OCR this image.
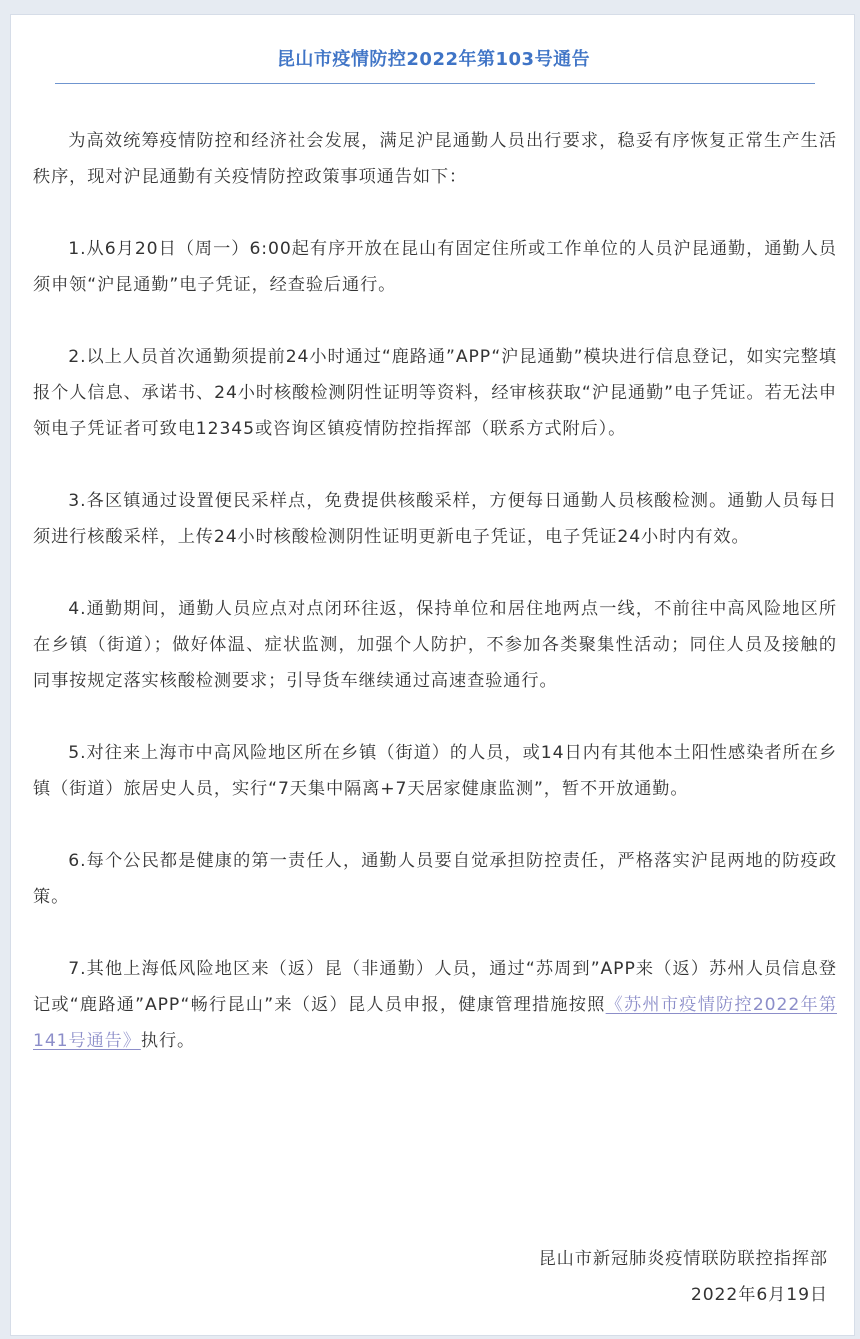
昆山市疫情防控2022年第103号通告

为高效统筹疫情防控和经济社会发展，满足沪昆通勤人员出行要求，稳妥有序恢复正常生产生活秩序，现对沪昆通勤有关疫情防控政策事项通告如下：

1.从6月20日（周一）6:00起有序开放在昆山有固定住所或工作单位的人员沪昆通勤，通勤人员须申领“沪昆通勤”电子凭证，经查验后通行。

2.以上人员首次通勤须提前24小时通过“鹿路通”APP“沪昆通勤”模块进行信息登记，如实完整填报个人信息、承诺书、24小时核酸检测阴性证明等资料，经审核获取“沪昆通勤”电子凭证。若无法申领电子凭证者可致电12345或咨询区镇疫情防控指挥部（联系方式附后）。

3.各区镇通过设置便民采样点，免费提供核酸采样，方便每日通勤人员核酸检测。通勤人员每日须进行核酸采样，上传24小时核酸检测阴性证明更新电子凭证，电子凭证24小时内有效。

4.通勤期间，通勤人员应点对点闭环往返，保持单位和居住地两点一线，不前往中高风险地区所在乡镇（街道）；做好体温、症状监测，加强个人防护，不参加各类聚集性活动；同住人员及接触的同事按规定落实核酸检测要求；引导货车继续通过高速查验通行。

5.对往来上海市中高风险地区所在乡镇（街道）的人员，或14日内有其他本土阳性感染者所在乡镇（街道）旅居史人员，实行“7天集中隔离+7天居家健康监测”，暂不开放通勤。

6.每个公民都是健康的第一责任人，通勤人员要自觉承担防控责任，严格落实沪昆两地的防疫政策。

7.其他上海低风险地区来（返）昆（非通勤）人员，通过“苏周到”APP来（返）苏州人员信息登记或“鹿路通”APP“畅行昆山”来（返）昆人员申报，健康管理措施按照《苏州市疫情防控2022年第141号通告》执行。

昆山市新冠肺炎疫情联防联控指挥部
2022年6月19日
